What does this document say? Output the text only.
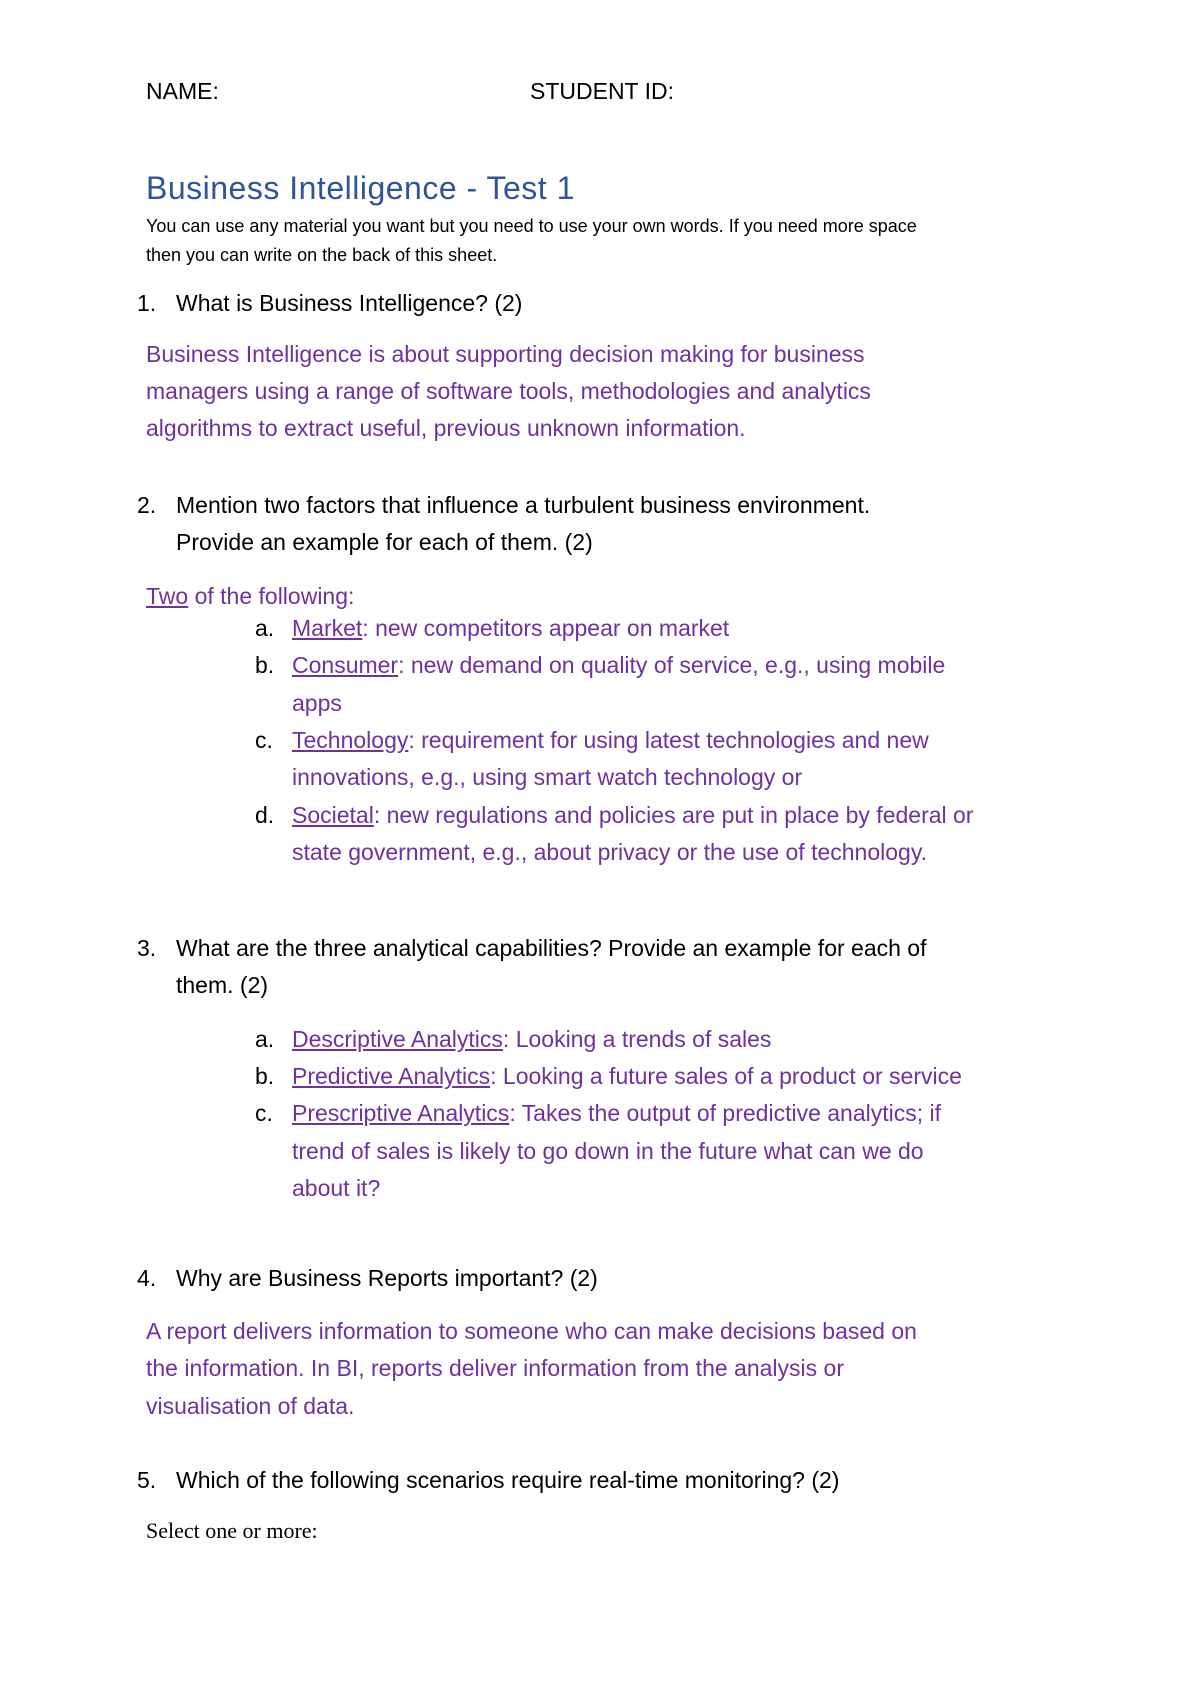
NAME:	STUDENT ID:
Business Intelligence - Test 1
You can use any material you want but you need to use your own words. If you need more space
then you can write on the back of this sheet.
1. What is Business Intelligence? (2)
Business Intelligence is about supporting decision making for business
managers using a range of software tools, methodologies and analytics
algorithms to extract useful, previous unknown information.
2. Mention two factors that influence a turbulent business environment.
Provide an example for each of them. (2)
Two of the following:
a. Market: new competitors appear on market
b. Consumer: new demand on quality of service, e.g., using mobile
apps
c. Technology: requirement for using latest technologies and new
innovations, e.g., using smart watch technology or
d. Societal: new regulations and policies are put in place by federal or
state government, e.g., about privacy or the use of technology.
3. What are the three analytical capabilities? Provide an example for each of
them. (2)
a. Descriptive Analytics: Looking a trends of sales
b. Predictive Analytics: Looking a future sales of a product or service
c. Prescriptive Analytics: Takes the output of predictive analytics; if
trend of sales is likely to go down in the future what can we do
about it?
4. Why are Business Reports important? (2)
A report delivers information to someone who can make decisions based on
the information. In BI, reports deliver information from the analysis or
visualisation of data.
5. Which of the following scenarios require real-time monitoring? (2)
Select one or more:
